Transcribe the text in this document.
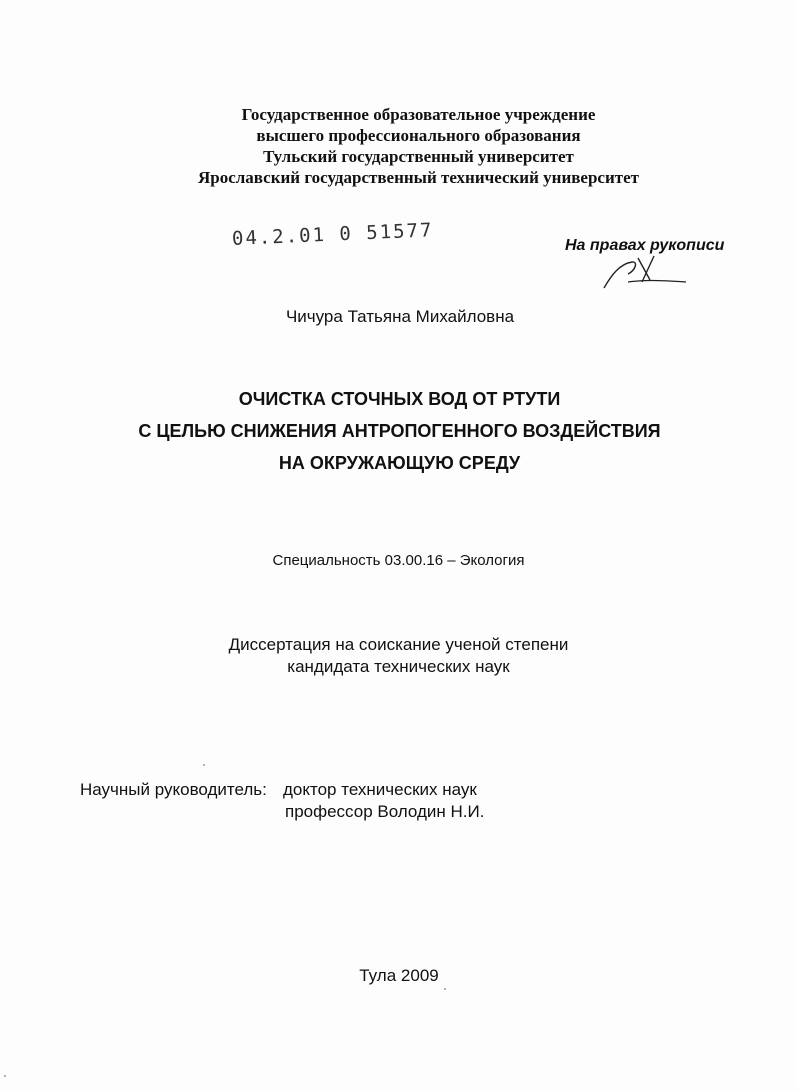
Государственное образовательное учреждение
высшего профессионального образования
Тульский государственный университет
Ярославский государственный технический университет
04.2.01 0 51577	На правах рукописи
Чичура Татьяна Михайловна
ОЧИСТКА СТОЧНЫХ ВОД ОТ РТУТИ
С ЦЕЛЬЮ СНИЖЕНИЯ АНТРОПОГЕННОГО ВОЗДЕЙСТВИЯ
НА ОКРУЖАЮЩУЮ СРЕДУ
Специальность 03.00.16 – Экология
Диссертация на соискание ученой степени
кандидата технических наук
Научный руководитель: доктор технических наук
профессор Володин Н.И.
Тула 2009
